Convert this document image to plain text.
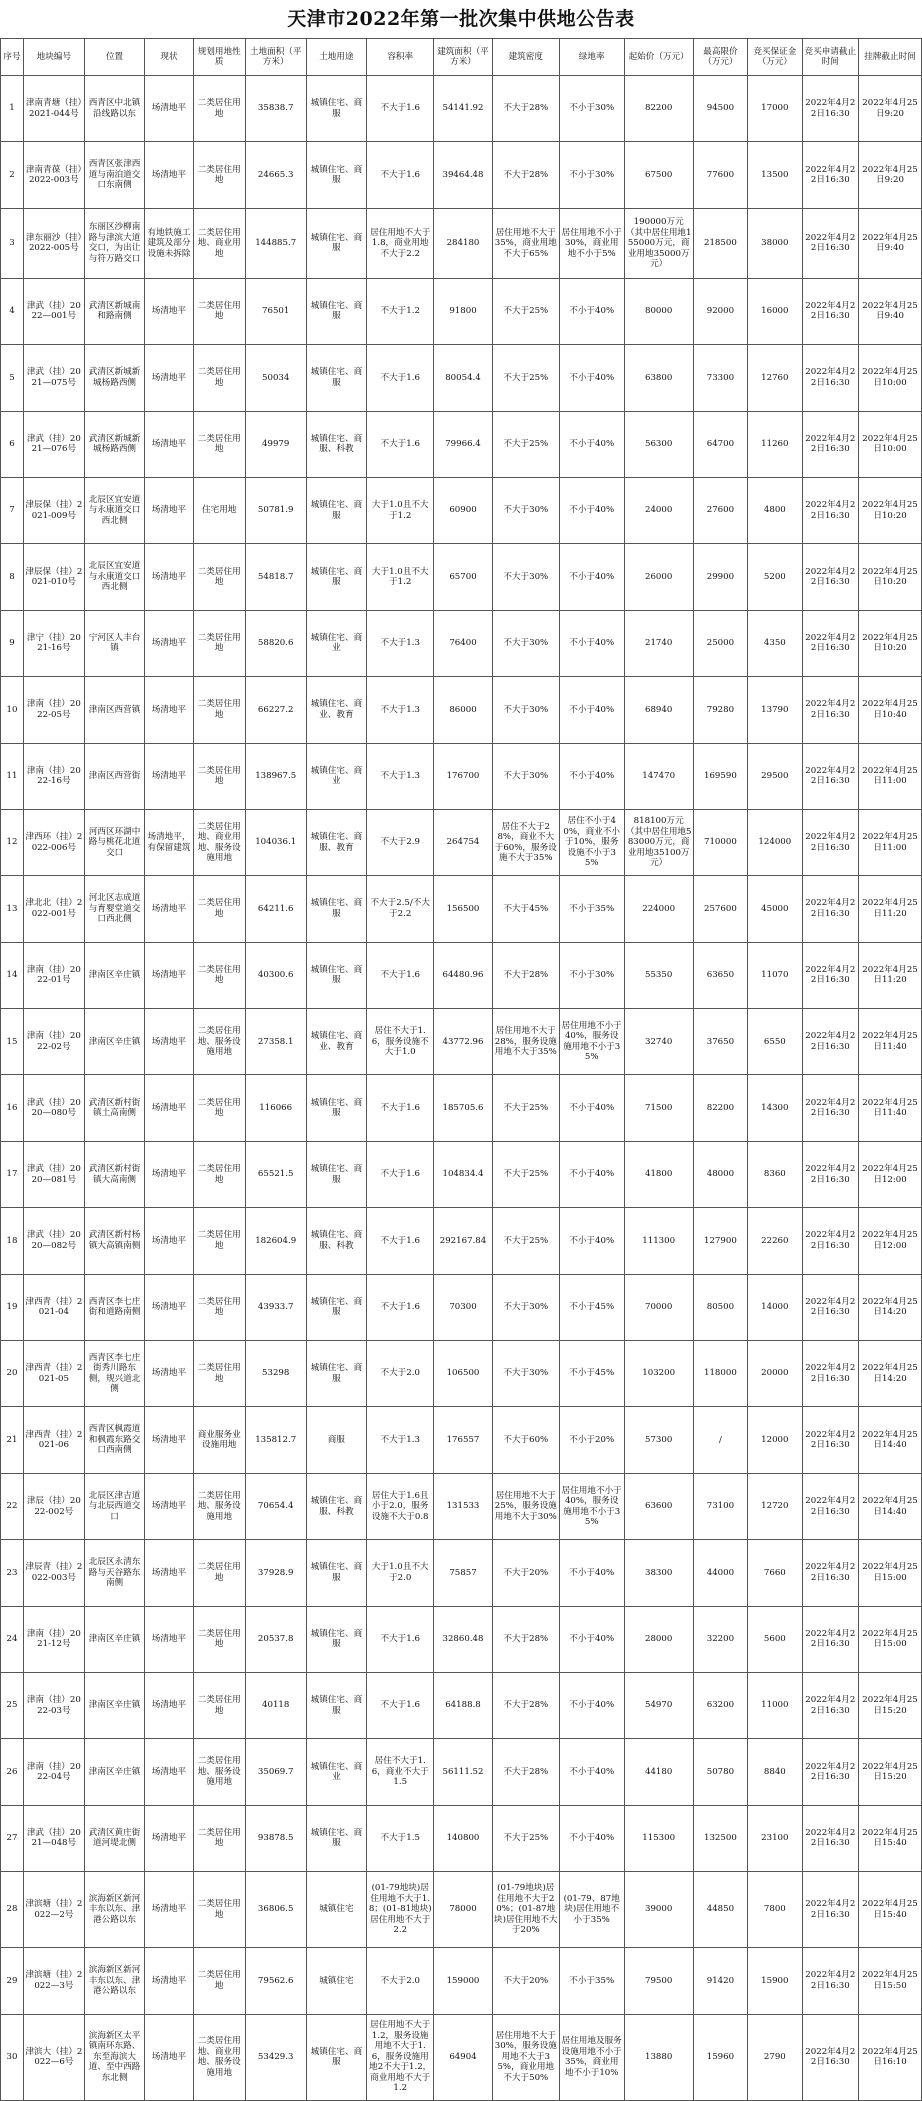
天津市2022年第一批次集中供地公告表
序号	地块编号	位置	现状	规划用地性质	土地面积（平方米）	土地用途	容积率	建筑面积（平方米）	建筑密度	绿地率	起始价（万元）	最高限价（万元）	竞买保证金（万元）	竞买申请截止时间	挂牌截止时间
1	津南青塘（挂）2021-044号	西青区中北镇沿线路以东	场清地平	二类居住用地	35838.7	城镇住宅、商服	不大于1.6	54141.92	不大于28%	不小于30%	82200	94500	17000	2022年4月22日16:30	2022年4月25日9:20
2	津南青葆（挂）2022-003号	西青区张津西道与南泊道交口东南侧	场清地平	二类居住用地	24665.3	城镇住宅、商服	不大于1.6	39464.48	不大于28%	不小于30%	67500	77600	13500	2022年4月22日16:30	2022年4月25日9:20
3	津东丽沙（挂）2022-005号	东丽区沙柳南路与津滨大道交口，为出让与符万路交口	有地铁施工建筑及部分设施未拆除	二类居住用地、商业用地	144885.7	城镇住宅、商服	居住用地不大于1.8，商业用地不大于2.2	284180	居住用地不大于35%，商业用地不大于65%	居住用地不小于30%，商业用地不小于5%	190000万元（其中居住用地155000万元，商业用地35000万元）	218500	38000	2022年4月22日16:30	2022年4月25日9:40
4	津武（挂）2022—001号	武清区新城南和路南侧	场清地平	二类居住用地	76501	城镇住宅、商服	不大于1.2	91800	不大于25%	不小于40%	80000	92000	16000	2022年4月22日16:30	2022年4月25日9:40
5	津武（挂）2021—075号	武清区新城新城杨路西侧	场清地平	二类居住用地	50034	城镇住宅、商服	不大于1.6	80054.4	不大于25%	不小于40%	63800	73300	12760	2022年4月22日16:30	2022年4月25日10:00
6	津武（挂）2021—076号	武清区新城新城杨路西侧	场清地平	二类居住用地	49979	城镇住宅、商服、科教	不大于1.6	79966.4	不大于25%	不小于40%	56300	64700	11260	2022年4月22日16:30	2022年4月25日10:00
7	津辰保（挂）2021-009号	北辰区宜安道与永康道交口西北侧	场清地平	住宅用地	50781.9	城镇住宅、商服	大于1.0且不大于1.2	60900	不大于30%	不小于40%	24000	27600	4800	2022年4月22日16:30	2022年4月25日10:20
8	津辰保（挂）2021-010号	北辰区宜安道与永康道交口西北侧	场清地平	二类居住用地	54818.7	城镇住宅、商服	大于1.0且不大于1.2	65700	不大于30%	不小于40%	26000	29900	5200	2022年4月22日16:30	2022年4月25日10:20
9	津宁（挂）2021-16号	宁河区人丰台镇	场清地平	二类居住用地	58820.6	城镇住宅、商业	不大于1.3	76400	不大于30%	不小于40%	21740	25000	4350	2022年4月22日16:30	2022年4月25日10:20
10	津南（挂）2022-05号	津南区西营镇	场清地平	二类居住用地	66227.2	城镇住宅、商业、教育	不大于1.3	86000	不大于30%	不小于40%	68940	79280	13790	2022年4月22日16:30	2022年4月25日10:40
11	津南（挂）2022-16号	津南区西营街	场清地平	二类居住用地	138967.5	城镇住宅、商业	不大于1.3	176700	不大于30%	不小于40%	147470	169590	29500	2022年4月22日16:30	2022年4月25日11:00
12	津西环（挂）2022-006号	河西区环湖中路与桃花北道交口	场清地平，有保留建筑	二类居住用地、商业用地、服务设施用地	104036.1	城镇住宅、商服、教育	不大于2.9	264754	居住不大于28%，商业不大于60%，服务设施不大于35%	居住不小于40%，商业不小于10%，服务设施不小于35%	818100万元（其中居住用地583000万元，商业用地35100万元）	710000	124000	2022年4月22日16:30	2022年4月25日11:00
13	津北北（挂）2022-001号	河北区志成道与育婴堂道交口西北侧	场清地平	二类居住用地	64211.6	城镇住宅、商服	不大于2.5/不大于2.2	156500	不大于45%	不小于35%	224000	257600	45000	2022年4月22日16:30	2022年4月25日11:20
14	津南（挂）2022-01号	津南区辛庄镇	场清地平	二类居住用地	40300.6	城镇住宅、商服	不大于1.6	64480.96	不大于28%	不小于30%	55350	63650	11070	2022年4月22日16:30	2022年4月25日11:20
15	津南（挂）2022-02号	津南区辛庄镇	场清地平	二类居住用地、服务设施用地	27358.1	城镇住宅、商业、教育	居住不大于1.6，服务设施不大于1.0	43772.96	居住用地不大于28%，服务设施用地不大于35%	居住用地不小于40%，服务设施用地不小于35%	32740	37650	6550	2022年4月22日16:30	2022年4月25日11:40
16	津武（挂）2020—080号	武清区新村街镇土高南侧	场清地平	二类居住用地	116066	城镇住宅、商服	不大于1.6	185705.6	不大于25%	不小于40%	71500	82200	14300	2022年4月22日16:30	2022年4月25日11:40
17	津武（挂）2020—081号	武清区新村街镇大高南侧	场清地平	二类居住用地	65521.5	城镇住宅、商服	不大于1.6	104834.4	不大于25%	不小于40%	41800	48000	8360	2022年4月22日16:30	2022年4月25日12:00
18	津武（挂）2020—082号	武清区新村杨镇大高镇南侧	场清地平	二类居住用地	182604.9	城镇住宅、商服、科教	不大于1.6	292167.84	不大于25%	不小于40%	111300	127900	22260	2022年4月22日16:30	2022年4月25日12:00
19	津西青（挂）2021-04	西青区李七庄街和道路南侧	场清地平	二类居住用地	43933.7	城镇住宅、商服	不大于1.6	70300	不大于30%	不小于45%	70000	80500	14000	2022年4月22日16:30	2022年4月25日14:20
20	津西青（挂）2021-05	西青区李七庄街秀川路东侧，规兴道北侧	场清地平	二类居住用地	53298	城镇住宅、商服	不大于2.0	106500	不大于30%	不小于45%	103200	118000	20000	2022年4月22日16:30	2022年4月25日14:20
21	津西青（挂）2021-06	西青区枫霞道和枫霞东路交口西南侧	场清地平	商业服务业设施用地	135812.7	商服	不大于1.3	176557	不大于60%	不小于20%	57300	/	12000	2022年4月22日16:30	2022年4月25日14:40
22	津辰（挂）2022-002号	北辰区津吉道与北辰西道交口	场清地平	二类居住用地、服务设施用地	70654.4	城镇住宅、商服、科教	居住大于1.6且小于2.0，服务设施不大于0.8	131533	居住用地不大于25%，服务设施用地不大于30%	居住用地不小于40%，服务设施用地不小于35%	63600	73100	12720	2022年4月22日16:30	2022年4月25日14:40
23	津辰青（挂）2022-003号	北辰区永清东路与天谷路东南侧	场清地平	二类居住用地	37928.9	城镇住宅、商服	大于1.0且不大于2.0	75857	不大于20%	不小于40%	38300	44000	7660	2022年4月22日16:30	2022年4月25日15:00
24	津南（挂）2021-12号	津南区辛庄镇	场清地平	二类居住用地	20537.8	城镇住宅、商服	不大于1.6	32860.48	不大于28%	不小于40%	28000	32200	5600	2022年4月22日16:30	2022年4月25日15:00
25	津南（挂）2022-03号	津南区辛庄镇	场清地平	二类居住用地	40118	城镇住宅、商服	不大于1.6	64188.8	不大于28%	不小于40%	54970	63200	11000	2022年4月22日16:30	2022年4月25日15:20
26	津南（挂）2022-04号	津南区辛庄镇	场清地平	二类居住用地、服务设施用地	35069.7	城镇住宅、商业	居住不大于1.6，商业不大于1.5	56111.52	不大于28%	不小于40%	44180	50780	8840	2022年4月22日16:30	2022年4月25日15:20
27	津武（挂）2021—048号	武清区黄庄街道河堤北侧	场清地平	二类居住用地	93878.5	城镇住宅、商服	不大于1.5	140800	不大于25%	不小于40%	115300	132500	23100	2022年4月22日16:30	2022年4月25日15:40
28	津滨塘（挂）2022—2号	滨海新区新河丰东以东、津港公路以东	场清地平	二类居住用地	36806.5	城镇住宅	(01-79地块)居住用地不大于1.8；(01-81地块)居住用地不大于2.2	78000	(01-79地块)居住用地不大于20%；(01-87地块)居住用地不大于20%	(01-79、87地块)居住用地不小于35%	39000	44850	7800	2022年4月22日16:30	2022年4月25日15:40
29	津滨塘（挂）2022—3号	滨海新区新河丰东以东、津港公路以东	场清地平	二类居住用地	79562.6	城镇住宅	不大于2.0	159000	不大于20%	不小于35%	79500	91420	15900	2022年4月22日16:30	2022年4月25日15:50
30	津滨大（挂）2022—6号	滨海新区太平镇南环东路、东至海滨大道、至中西路东北侧	场清地平	二类居住用地、商业用地、服务设施用地	53429.3	城镇住宅、商服	居住用地不大于1.2，服务设施用地不大于1.6，服务设施用地2不大于1.2，商业用地不大于1.2	64904	居住用地不大于30%，服务设施用地不大于35%，商业用地不大于50%	居住用地及服务设施用地不小于35%，商业用地不小于10%	13880	15960	2790	2022年4月22日16:30	2022年4月25日16:10
